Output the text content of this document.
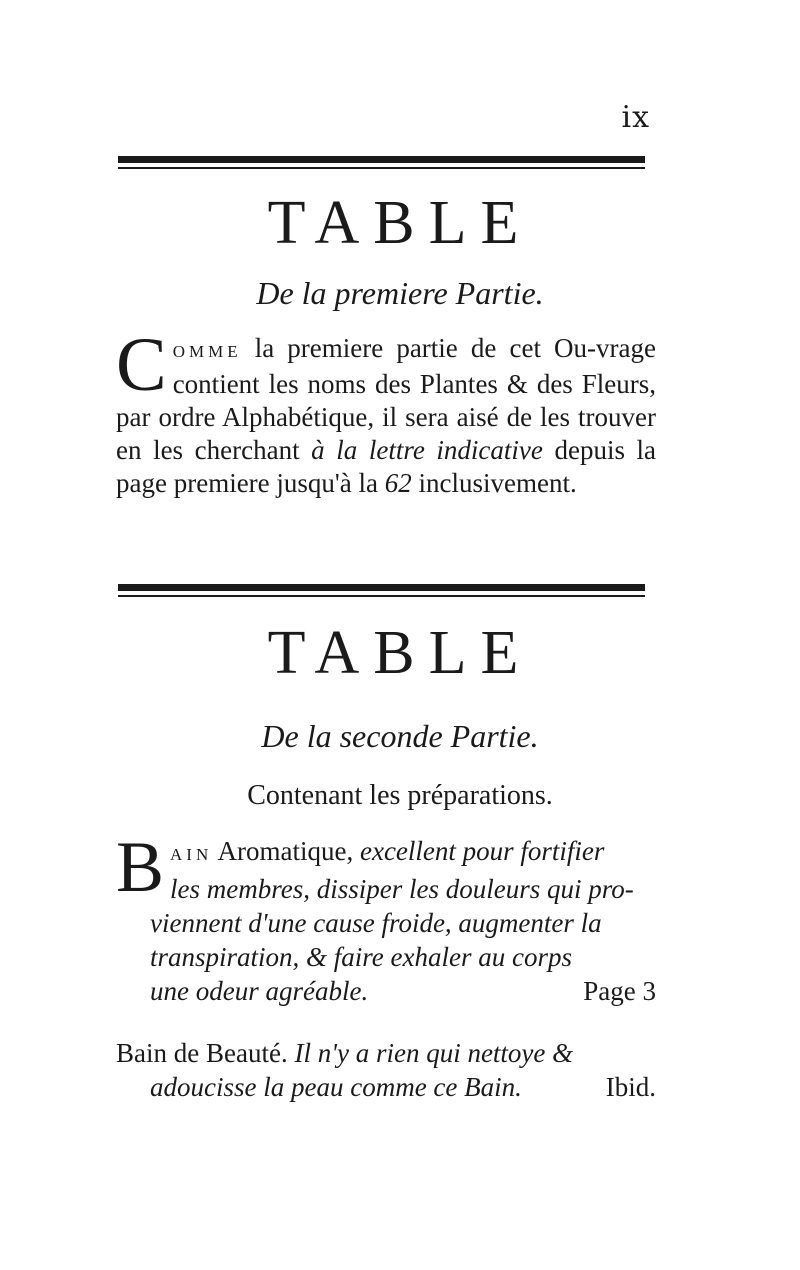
ix
TABLE
De la premiere Partie.
COMME la premiere partie de cet Ou-vrage contient les noms des Plantes & des Fleurs, par ordre Alphabétique, il sera aisé de les trouver en les cherchant à la lettre indicative depuis la page premiere jusqu'à la 62 inclusivement.
TABLE
De la seconde Partie.
Contenant les préparations.
B AIN Aromatique, excellent pour fortifier
les membres, dissiper les douleurs qui pro-
viennent d'une cause froide, augmenter la
transpiration, & faire exhaler au corps
une odeur agréable.	Page 3
Bain de Beauté. Il n'y a rien qui nettoye &
adoucisse la peau comme ce Bain.	Ibid.
